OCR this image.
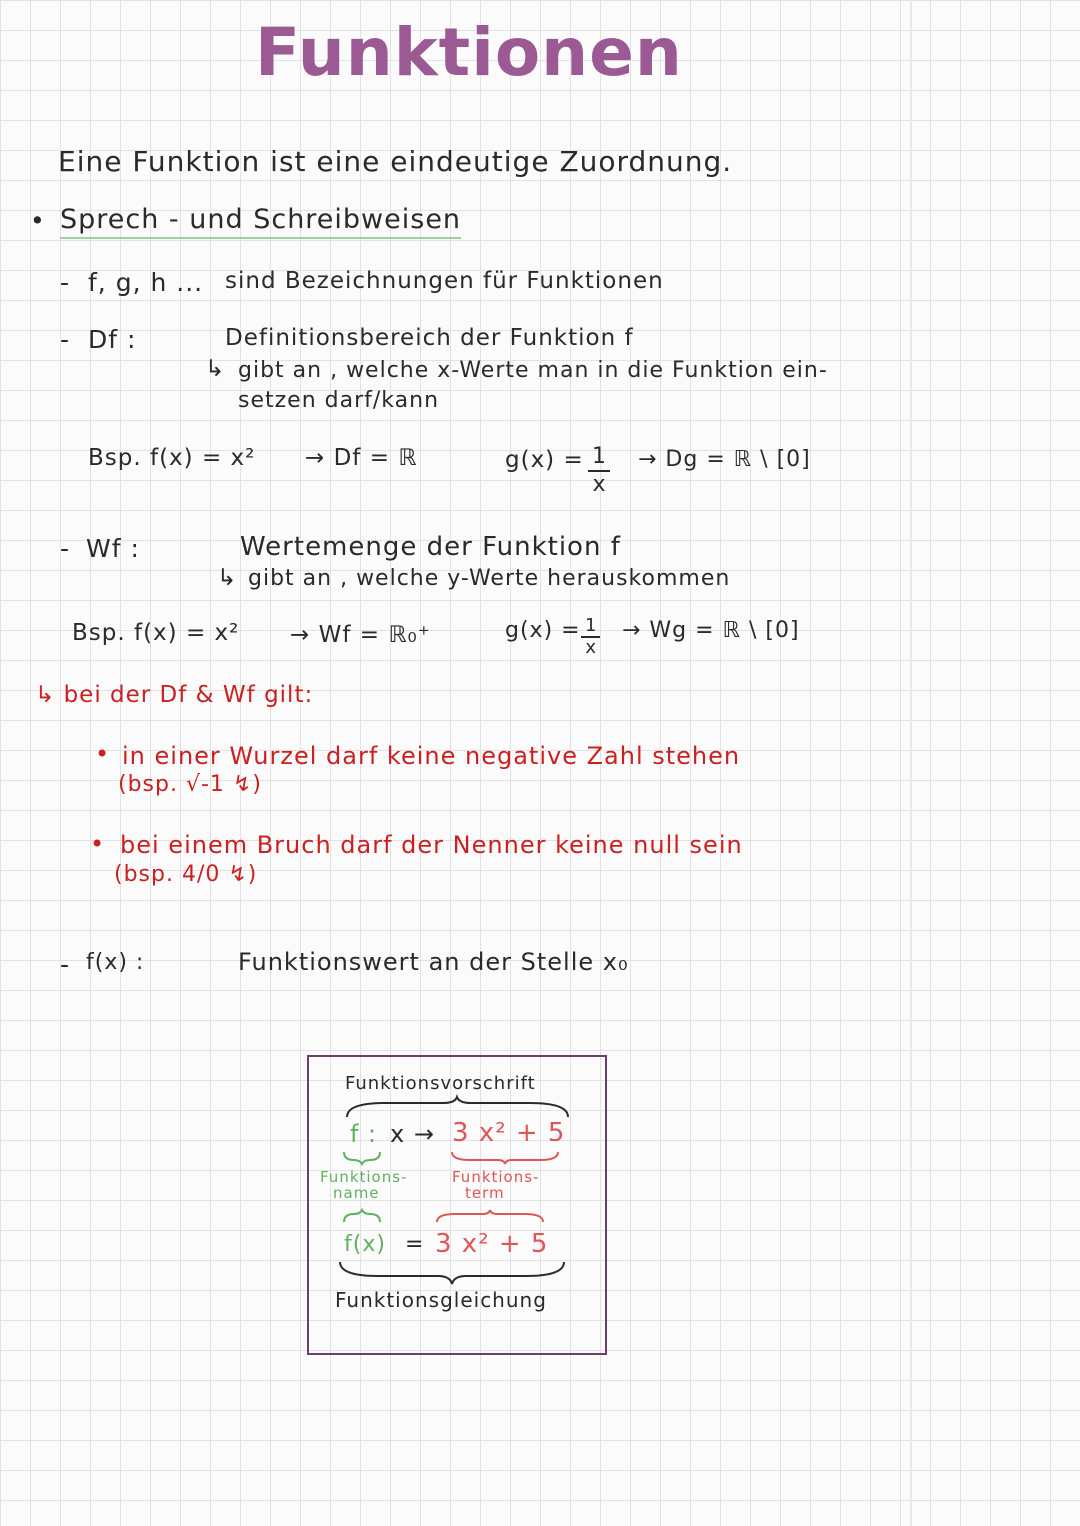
Funktionen
Eine Funktion ist eine eindeutige Zuordnung.
• Sprech - und Schreibweisen
- f, g, h ... sind Bezeichnungen für Funktionen
- Df :	Definitionsbereich der Funktion f
↳ gibt an , welche x-Werte man in die Funktion ein-
setzen darf/kann
Bsp. f(x) = x² → Df = ℝ	$g(x) = \frac{1}{x} \to Dg$ = ℝ \ [0]
- Wf :	Wertemenge der Funktion f
↳ gibt an , welche y-Werte herauskommen
Bsp. f(x) = x² → Wf = ℝ₀⁺	$g(x) = \frac{1}{x} \to Wg$ = ℝ \ [0]
↳ bei der Df & Wf gilt:
• in einer Wurzel darf keine negative Zahl stehen
(bsp. √-1 ↯)
• bei einem Bruch darf der Nenner keine null sein
(bsp. 4/0 ↯)
- f(x) :	Funktionswert an der Stelle x₀
Funktionsvorschrift
f : x → 3 x² + 5
Funktions-
name
Funktions-
term
f(x) = 3 x² + 5
Funktionsgleichung
